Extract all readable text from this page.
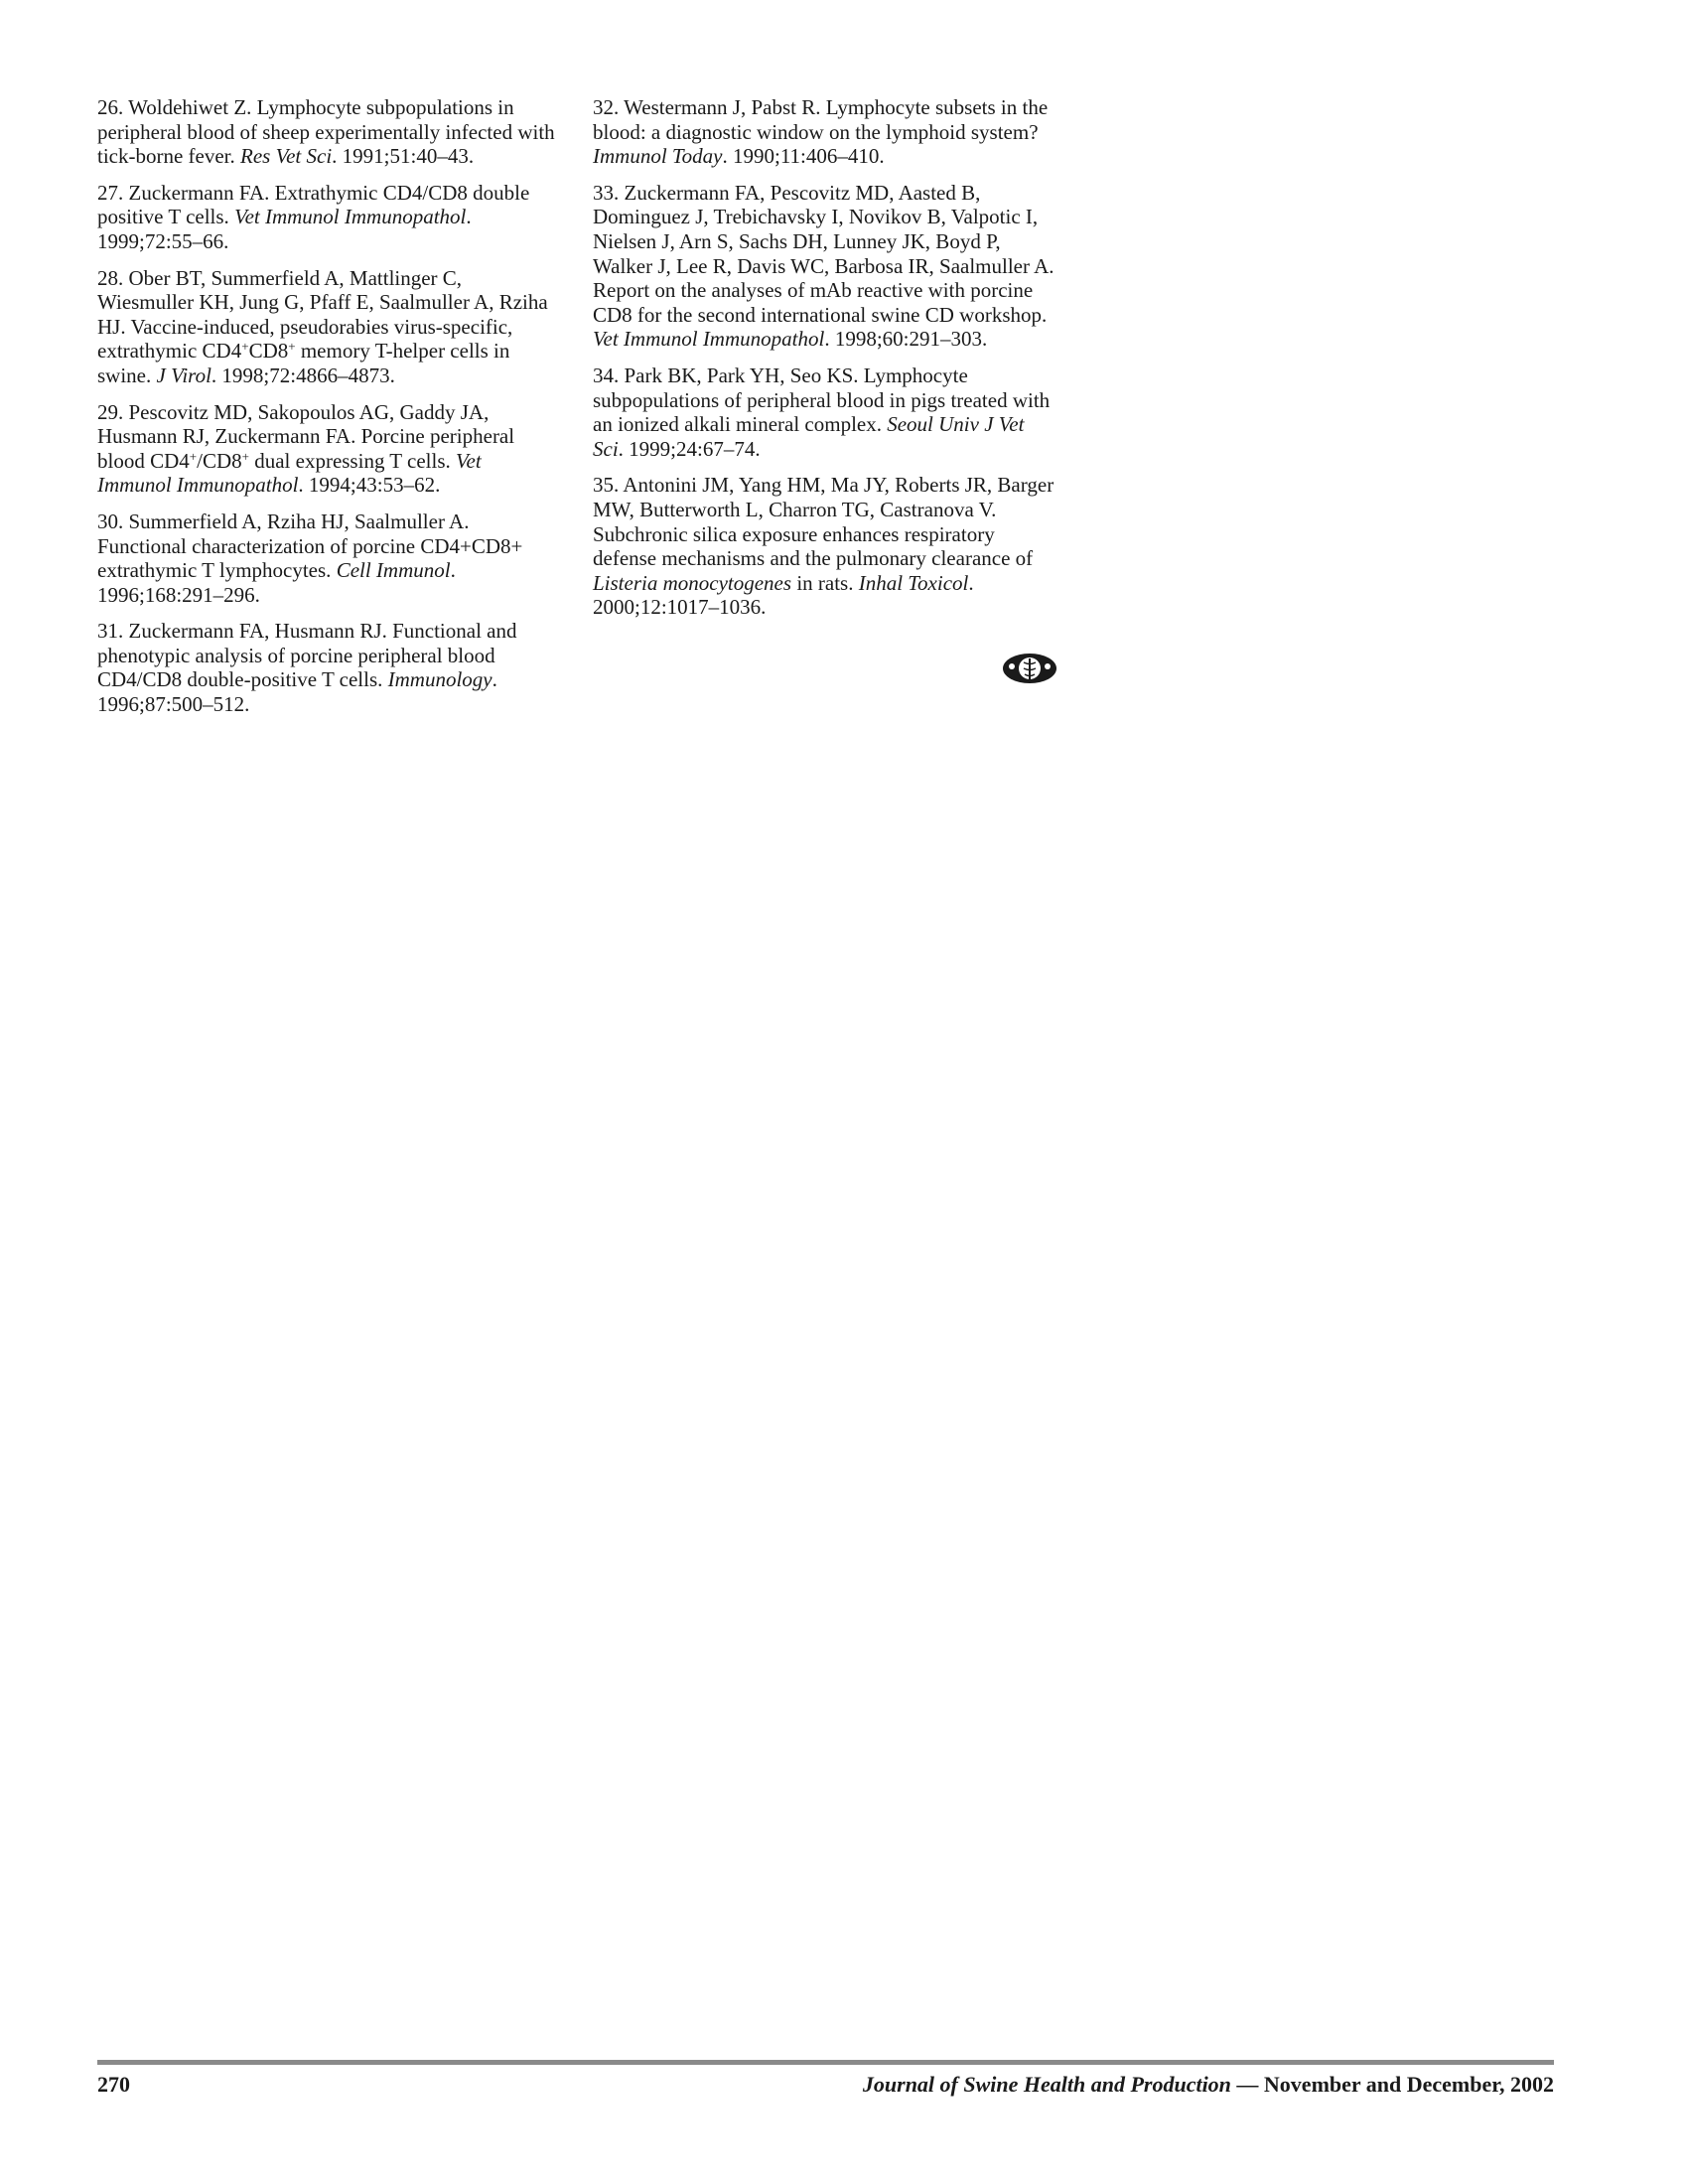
26. Woldehiwet Z. Lymphocyte subpopulations in peripheral blood of sheep experimentally infected with tick-borne fever. Res Vet Sci. 1991;51:40–43.

27. Zuckermann FA. Extrathymic CD4/CD8 double positive T cells. Vet Immunol Immunopathol. 1999;72:55–66.

28. Ober BT, Summerfield A, Mattlinger C, Wiesmuller KH, Jung G, Pfaff E, Saalmuller A, Rziha HJ. Vaccine-induced, pseudorabies virus-specific, extrathymic CD4+CD8+ memory T-helper cells in swine. J Virol. 1998;72:4866–4873.

29. Pescovitz MD, Sakopoulos AG, Gaddy JA, Husmann RJ, Zuckermann FA. Porcine peripheral blood CD4+/CD8+ dual expressing T cells. Vet Immunol Immunopathol. 1994;43:53–62.

30. Summerfield A, Rziha HJ, Saalmuller A. Functional characterization of porcine CD4+CD8+ extrathymic T lymphocytes. Cell Immunol. 1996;168:291–296.

31. Zuckermann FA, Husmann RJ. Functional and phenotypic analysis of porcine peripheral blood CD4/CD8 double-positive T cells. Immunology. 1996;87:500–512.

32. Westermann J, Pabst R. Lymphocyte subsets in the blood: a diagnostic window on the lymphoid system? Immunol Today. 1990;11:406–410.

33. Zuckermann FA, Pescovitz MD, Aasted B, Dominguez J, Trebichavsky I, Novikov B, Valpotic I, Nielsen J, Arn S, Sachs DH, Lunney JK, Boyd P, Walker J, Lee R, Davis WC, Barbosa IR, Saalmuller A. Report on the analyses of mAb reactive with porcine CD8 for the second international swine CD workshop. Vet Immunol Immunopathol. 1998;60:291–303.

34. Park BK, Park YH, Seo KS. Lymphocyte subpopulations of peripheral blood in pigs treated with an ionized alkali mineral complex. Seoul Univ J Vet Sci. 1999;24:67–74.

35. Antonini JM, Yang HM, Ma JY, Roberts JR, Barger MW, Butterworth L, Charron TG, Castranova V. Subchronic silica exposure enhances respiratory defense mechanisms and the pulmonary clearance of Listeria monocytogenes in rats. Inhal Toxicol. 2000;12:1017–1036.

270	Journal of Swine Health and Production — November and December, 2002
